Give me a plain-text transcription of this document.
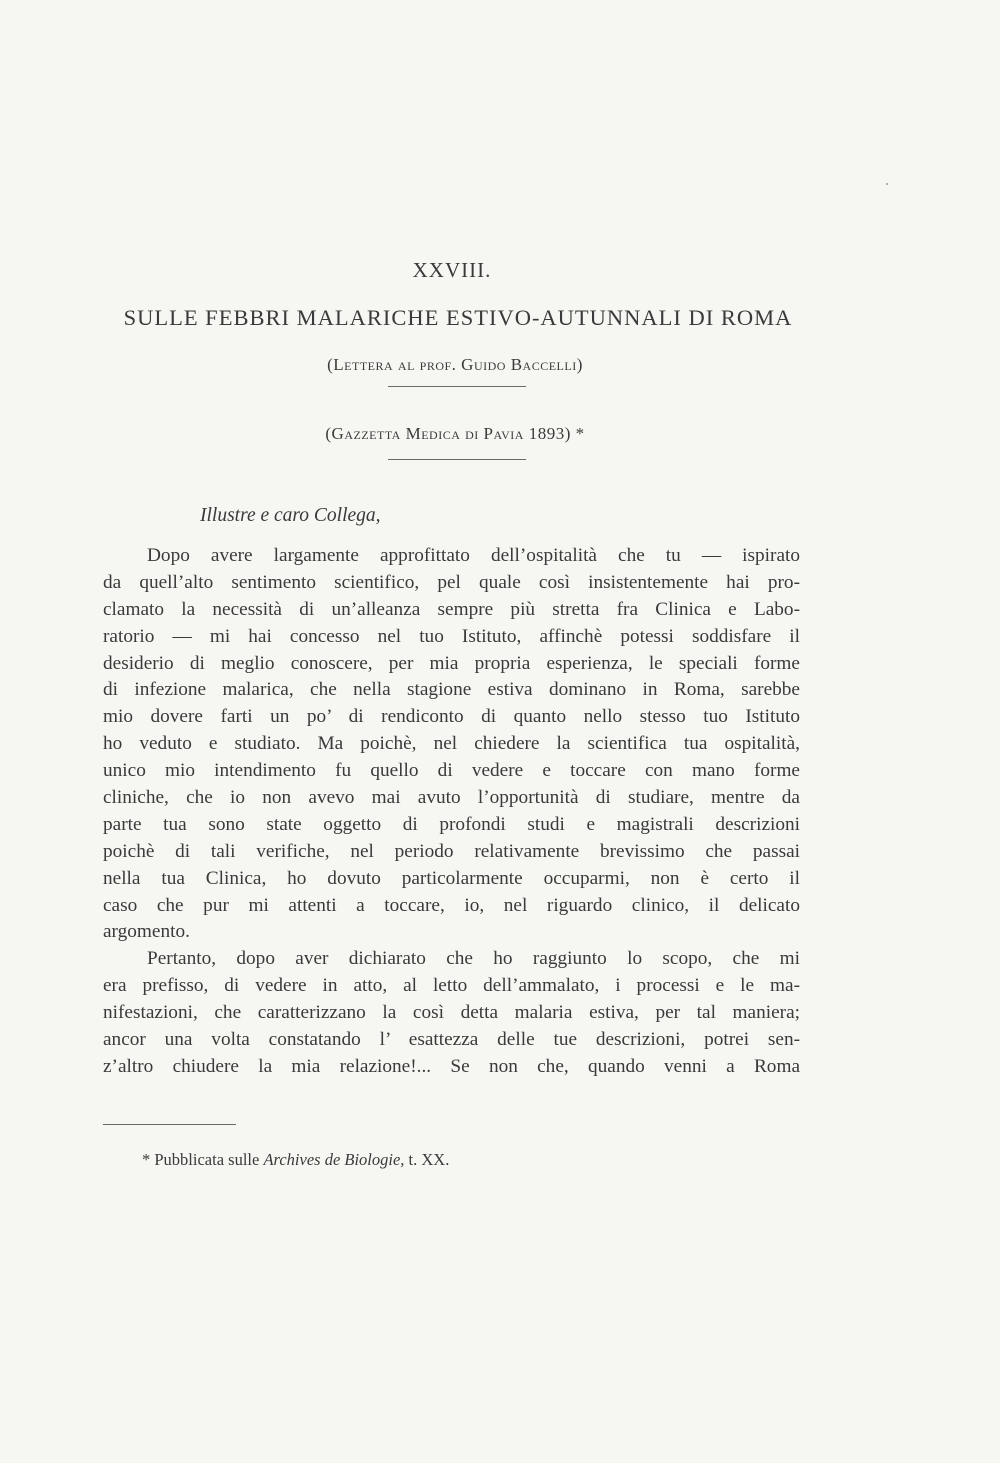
XXVIII.
SULLE FEBBRI MALARICHE ESTIVO-AUTUNNALI DI ROMA
(Lettera al prof. Guido Baccelli)
(Gazzetta Medica di Pavia 1893) *
Illustre e caro Collega,
Dopo avere largamente approfittato dell’ospitalità che tu — ispirato
da quell’alto sentimento scientifico, pel quale così insistentemente hai pro-
clamato la necessità di un’alleanza sempre più stretta fra Clinica e Labo-
ratorio — mi hai concesso nel tuo Istituto, affinchè potessi soddisfare il
desiderio di meglio conoscere, per mia propria esperienza, le speciali forme
di infezione malarica, che nella stagione estiva dominano in Roma, sarebbe
mio dovere farti un po’ di rendiconto di quanto nello stesso tuo Istituto
ho veduto e studiato. Ma poichè, nel chiedere la scientifica tua ospitalità,
unico mio intendimento fu quello di vedere e toccare con mano forme
cliniche, che io non avevo mai avuto l’opportunità di studiare, mentre da
parte tua sono state oggetto di profondi studi e magistrali descrizioni
poichè di tali verifiche, nel periodo relativamente brevissimo che passai
nella tua Clinica, ho dovuto particolarmente occuparmi, non è certo il
caso che pur mi attenti a toccare, io, nel riguardo clinico, il delicato
argomento.
Pertanto, dopo aver dichiarato che ho raggiunto lo scopo, che mi
era prefisso, di vedere in atto, al letto dell’ammalato, i processi e le ma-
nifestazioni, che caratterizzano la così detta malaria estiva, per tal maniera;
ancor una volta constatando l’ esattezza delle tue descrizioni, potrei sen-
z’altro chiudere la mia relazione!... Se non che, quando venni a Roma
* Pubblicata sulle Archives de Biologie, t. XX.
